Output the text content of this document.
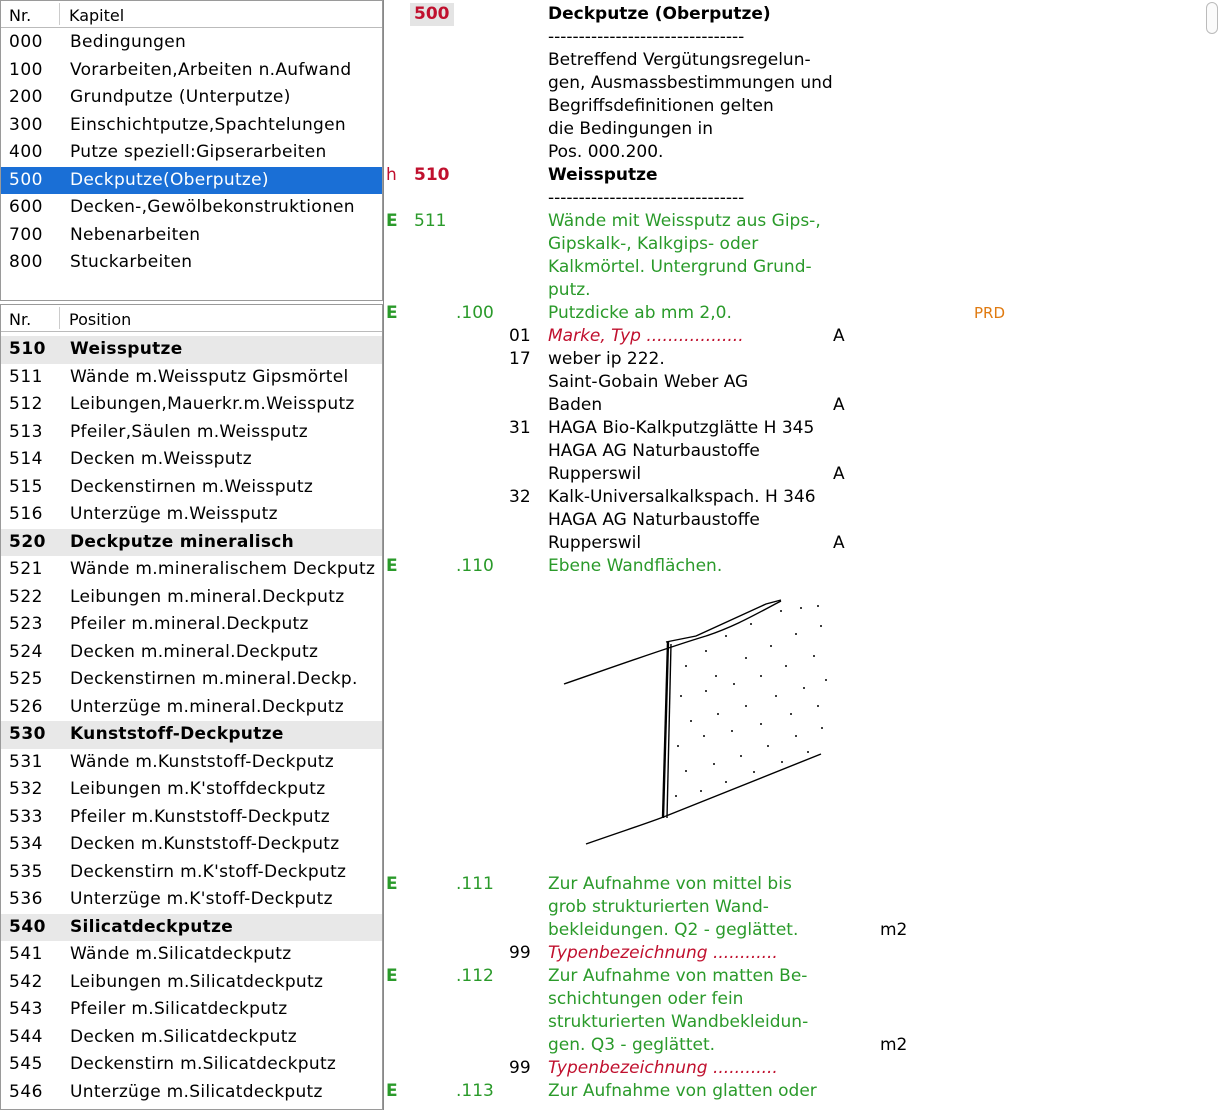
Nr. Kapitel
000 Bedingungen
100 Vorarbeiten,Arbeiten n.Aufwand
200 Grundputze (Unterputze)
300 Einschichtputze,Spachtelungen
400 Putze speziell:Gipserarbeiten
500 Deckputze(Oberputze)
600 Decken-,Gewölbekonstruktionen
700 Nebenarbeiten
800 Stuckarbeiten
Nr. Position
510 Weissputze
511 Wände m.Weissputz Gipsmörtel
512 Leibungen,Mauerkr.m.Weissputz
513 Pfeiler,Säulen m.Weissputz
514 Decken m.Weissputz
515 Deckenstirnen m.Weissputz
516 Unterzüge m.Weissputz
520 Deckputze mineralisch
521 Wände m.mineralischem Deckputz
522 Leibungen m.mineral.Deckputz
523 Pfeiler m.mineral.Deckputz
524 Decken m.mineral.Deckputz
525 Deckenstirnen m.mineral.Deckp.
526 Unterzüge m.mineral.Deckputz
530 Kunststoff-Deckputze
531 Wände m.Kunststoff-Deckputz
532 Leibungen m.K'stoffdeckputz
533 Pfeiler m.Kunststoff-Deckputz
534 Decken m.Kunststoff-Deckputz
535 Deckenstirn m.K'stoff-Deckputz
536 Unterzüge m.K'stoff-Deckputz
540 Silicatdeckputze
541 Wände m.Silicatdeckputz
542 Leibungen m.Silicatdeckputz
543 Pfeiler m.Silicatdeckputz
544 Decken m.Silicatdeckputz
545 Deckenstirn m.Silicatdeckputz
546 Unterzüge m.Silicatdeckputz
500	Deckputze (Oberputze)
--------------------------------
Betreffend Vergütungsregelun-
gen, Ausmassbestimmungen und
Begriffsdefinitionen gelten
die Bedingungen in
Pos. 000.200.
h 510	Weissputze
--------------------------------
E 511	Wände mit Weissputz aus Gips-,
Gipskalk-, Kalkgips- oder
Kalkmörtel. Untergrund Grund-
putz.
E	.100	Putzdicke ab mm 2,0.	PRD
01 Marke, Typ ..................	A
17 weber ip 222.
Saint-Gobain Weber AG
Baden	A
31 HAGA Bio-Kalkputzglätte H 345
HAGA AG Naturbaustoffe
Rupperswil	A
32 Kalk-Universalkalkspach. H 346
HAGA AG Naturbaustoffe
Rupperswil	A
E	.110	Ebene Wandflächen.
E	.111	Zur Aufnahme von mittel bis
grob strukturierten Wand-
bekleidungen. Q2 - geglättet.	m2
99 Typenbezeichnung ............
E	.112	Zur Aufnahme von matten Be-
schichtungen oder fein
strukturierten Wandbekleidun-
gen. Q3 - geglättet.	m2
99 Typenbezeichnung ............
E	.113	Zur Aufnahme von glatten oder
